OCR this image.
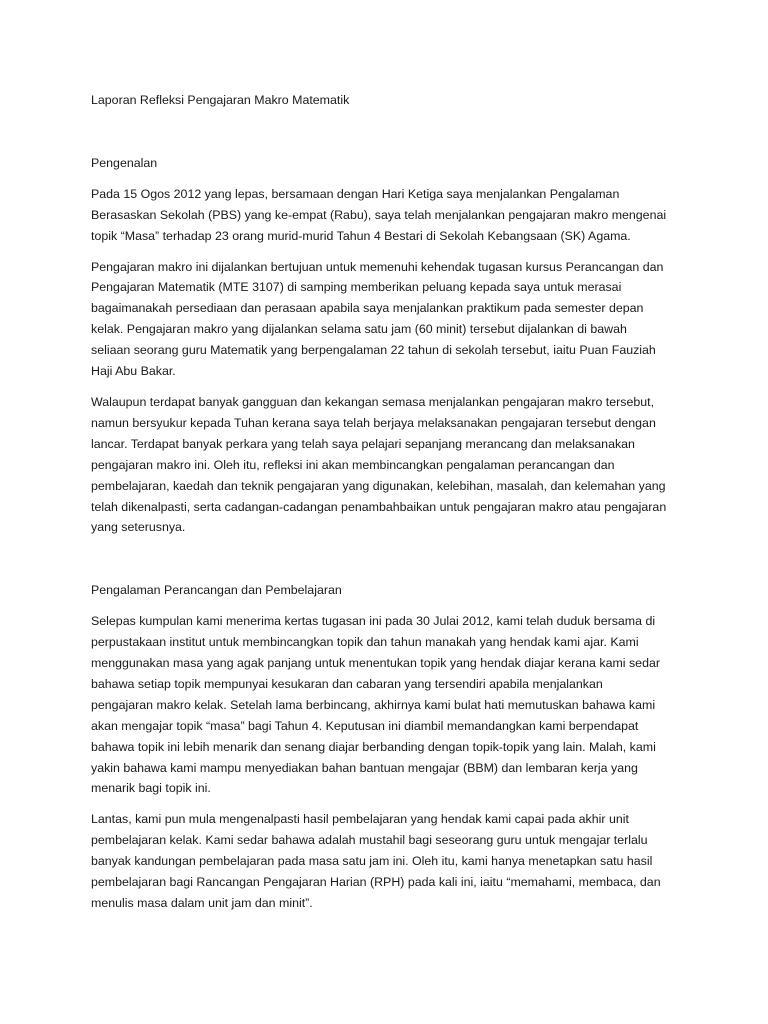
Laporan Refleksi Pengajaran Makro Matematik

Pengenalan

Pada 15 Ogos 2012 yang lepas, bersamaan dengan Hari Ketiga saya menjalankan Pengalaman
Berasaskan Sekolah (PBS) yang ke-empat (Rabu), saya telah menjalankan pengajaran makro mengenai
topik “Masa” terhadap 23 orang murid-murid Tahun 4 Bestari di Sekolah Kebangsaan (SK) Agama.

Pengajaran makro ini dijalankan bertujuan untuk memenuhi kehendak tugasan kursus Perancangan dan
Pengajaran Matematik (MTE 3107) di samping memberikan peluang kepada saya untuk merasai
bagaimanakah persediaan dan perasaan apabila saya menjalankan praktikum pada semester depan
kelak. Pengajaran makro yang dijalankan selama satu jam (60 minit) tersebut dijalankan di bawah
seliaan seorang guru Matematik yang berpengalaman 22 tahun di sekolah tersebut, iaitu Puan Fauziah
Haji Abu Bakar.

Walaupun terdapat banyak gangguan dan kekangan semasa menjalankan pengajaran makro tersebut,
namun bersyukur kepada Tuhan kerana saya telah berjaya melaksanakan pengajaran tersebut dengan
lancar. Terdapat banyak perkara yang telah saya pelajari sepanjang merancang dan melaksanakan
pengajaran makro ini. Oleh itu, refleksi ini akan membincangkan pengalaman perancangan dan
pembelajaran, kaedah dan teknik pengajaran yang digunakan, kelebihan, masalah, dan kelemahan yang
telah dikenalpasti, serta cadangan-cadangan penambahbaikan untuk pengajaran makro atau pengajaran
yang seterusnya.

Pengalaman Perancangan dan Pembelajaran

Selepas kumpulan kami menerima kertas tugasan ini pada 30 Julai 2012, kami telah duduk bersama di
perpustakaan institut untuk membincangkan topik dan tahun manakah yang hendak kami ajar. Kami
menggunakan masa yang agak panjang untuk menentukan topik yang hendak diajar kerana kami sedar
bahawa setiap topik mempunyai kesukaran dan cabaran yang tersendiri apabila menjalankan
pengajaran makro kelak. Setelah lama berbincang, akhirnya kami bulat hati memutuskan bahawa kami
akan mengajar topik “masa” bagi Tahun 4. Keputusan ini diambil memandangkan kami berpendapat
bahawa topik ini lebih menarik dan senang diajar berbanding dengan topik-topik yang lain. Malah, kami
yakin bahawa kami mampu menyediakan bahan bantuan mengajar (BBM) dan lembaran kerja yang
menarik bagi topik ini.

Lantas, kami pun mula mengenalpasti hasil pembelajaran yang hendak kami capai pada akhir unit
pembelajaran kelak. Kami sedar bahawa adalah mustahil bagi seseorang guru untuk mengajar terlalu
banyak kandungan pembelajaran pada masa satu jam ini. Oleh itu, kami hanya menetapkan satu hasil
pembelajaran bagi Rancangan Pengajaran Harian (RPH) pada kali ini, iaitu “memahami, membaca, dan
menulis masa dalam unit jam dan minit”.
